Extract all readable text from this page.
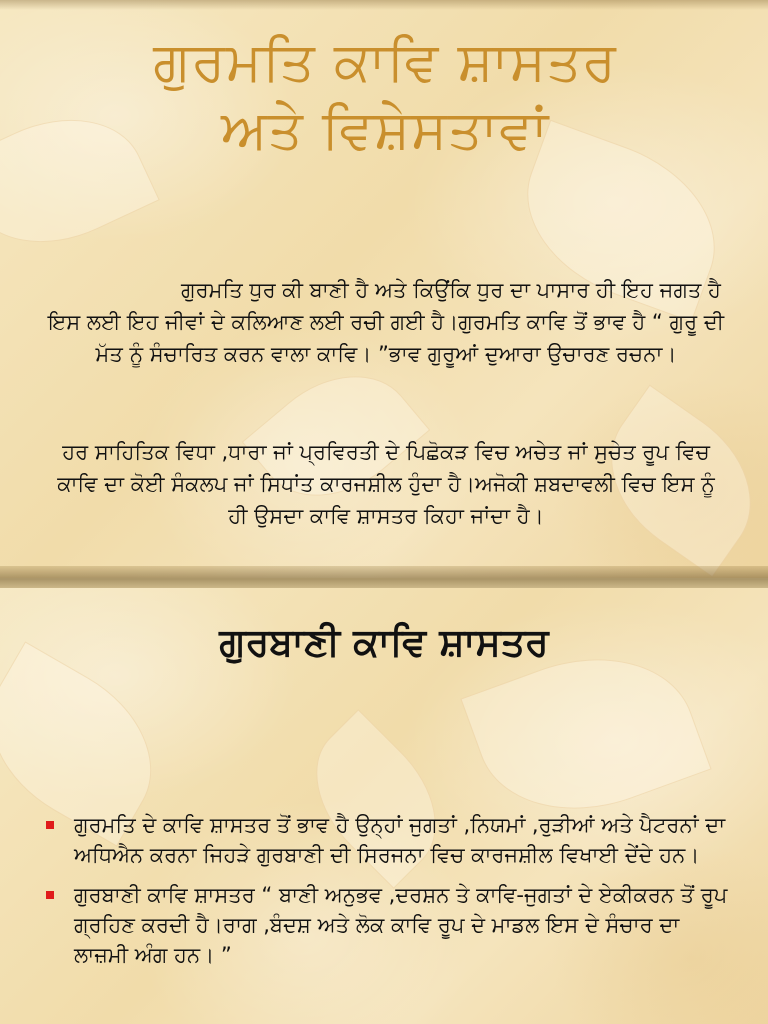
ਗੁਰਮਤਿ ਕਾਵਿ ਸ਼ਾਸਤਰ
ਅਤੇ ਵਿਸ਼ੇਸਤਾਵਾਂ

ਗੁਰਮਤਿ ਧੁਰ ਕੀ ਬਾਣੀ ਹੈ ਅਤੇ ਕਿਉਂਕਿ ਧੁਰ ਦਾ ਪਾਸਾਰ ਹੀ ਇਹ ਜਗਤ ਹੈ ਇਸ ਲਈ ਇਹ ਜੀਵਾਂ ਦੇ ਕਲਿਆਣ ਲਈ ਰਚੀ ਗਈ ਹੈ।ਗੁਰਮਤਿ ਕਾਵਿ ਤੋਂ ਭਾਵ ਹੈ “ ਗੁਰੂ ਦੀ ਮੱਤ ਨੂੰ ਸੰਚਾਰਿਤ ਕਰਨ ਵਾਲਾ ਕਾਵਿ। ”ਭਾਵ ਗੁਰੂਆਂ ਦੁਆਰਾ ਉਚਾਰਣ ਰਚਨਾ।

ਹਰ ਸਾਹਿਤਿਕ ਵਿਧਾ ,ਧਾਰਾ ਜਾਂ ਪ੍ਰਵਿਰਤੀ ਦੇ ਪਿਛੋਕੜ ਵਿਚ ਅਚੇਤ ਜਾਂ ਸੁਚੇਤ ਰੂਪ ਵਿਚ ਕਾਵਿ ਦਾ ਕੋਈ ਸੰਕਲਪ ਜਾਂ ਸਿਧਾਂਤ ਕਾਰਜਸ਼ੀਲ ਹੁੰਦਾ ਹੈ।ਅਜੋਕੀ ਸ਼ਬਦਾਵਲੀ ਵਿਚ ਇਸ ਨੂੰ ਹੀ ਉਸਦਾ ਕਾਵਿ ਸ਼ਾਸਤਰ ਕਿਹਾ ਜਾਂਦਾ ਹੈ।

ਗੁਰਬਾਣੀ ਕਾਵਿ ਸ਼ਾਸਤਰ
ਗੁਰਮਤਿ ਦੇ ਕਾਵਿ ਸ਼ਾਸਤਰ ਤੋਂ ਭਾਵ ਹੈ ਉਨ੍ਹਾਂ ਜੁਗਤਾਂ ,ਨਿਯਮਾਂ ,ਰੁੜੀਆਂ ਅਤੇ ਪੈਟਰਨਾਂ ਦਾ ਅਧਿਐਨ ਕਰਨਾ ਜਿਹੜੇ ਗੁਰਬਾਣੀ ਦੀ ਸਿਰਜਨਾ ਵਿਚ ਕਾਰਜਸ਼ੀਲ ਵਿਖਾਈ ਦੇਂਦੇ ਹਨ।
ਗੁਰਬਾਣੀ ਕਾਵਿ ਸ਼ਾਸਤਰ “ ਬਾਣੀ ਅਨੁਭਵ ,ਦਰਸ਼ਨ ਤੇ ਕਾਵਿ-ਜੁਗਤਾਂ ਦੇ ਏਕੀਕਰਨ ਤੋਂ ਰੂਪ ਗ੍ਰਹਿਣ ਕਰਦੀ ਹੈ।ਰਾਗ ,ਬੰਦਸ਼ ਅਤੇ ਲੋਕ ਕਾਵਿ ਰੂਪ ਦੇ ਮਾਡਲ ਇਸ ਦੇ ਸੰਚਾਰ ਦਾ ਲਾਜ਼ਮੀ ਅੰਗ ਹਨ। ”
